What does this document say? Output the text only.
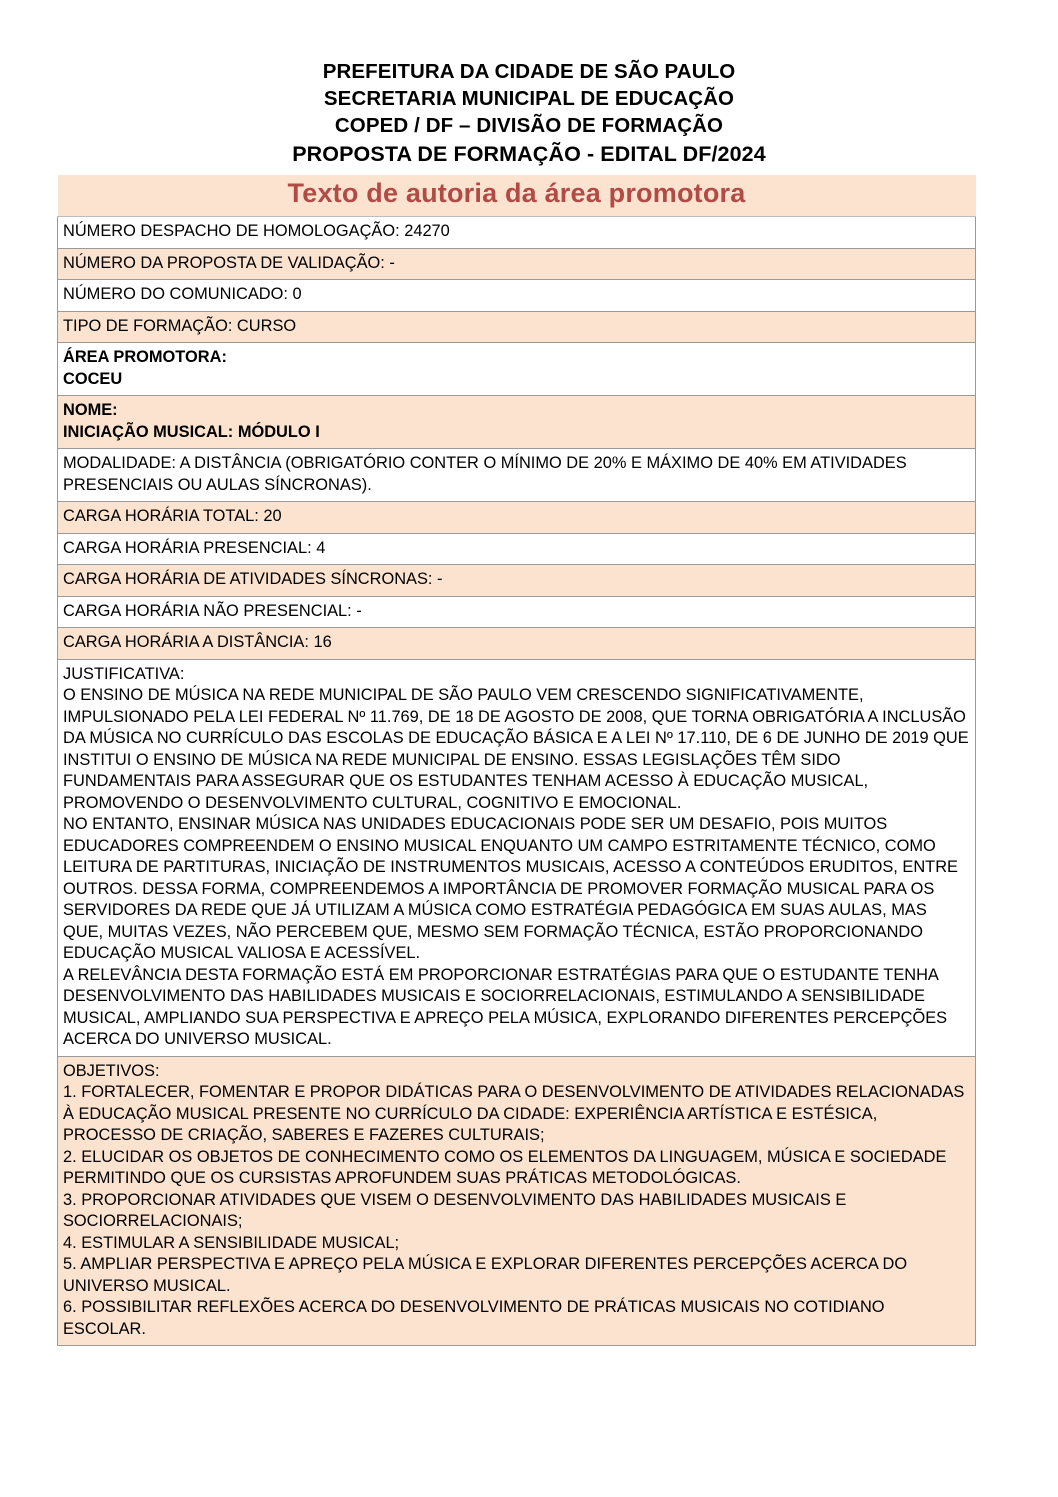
PREFEITURA DA CIDADE DE SÃO PAULO
SECRETARIA MUNICIPAL DE EDUCAÇÃO
COPED / DF – DIVISÃO DE FORMAÇÃO
PROPOSTA DE FORMAÇÃO - EDITAL DF/2024
Texto de autoria da área promotora
NÚMERO DESPACHO DE HOMOLOGAÇÃO: 24270
NÚMERO DA PROPOSTA DE VALIDAÇÃO: -
NÚMERO DO COMUNICADO: 0
TIPO DE FORMAÇÃO: CURSO

ÁREA PROMOTORA:
COCEU

NOME:
INICIAÇÃO MUSICAL: MÓDULO I

MODALIDADE: A DISTÂNCIA (OBRIGATÓRIO CONTER O MÍNIMO DE 20% E MÁXIMO DE 40% EM ATIVIDADES PRESENCIAIS OU AULAS SÍNCRONAS).
CARGA HORÁRIA TOTAL: 20
CARGA HORÁRIA PRESENCIAL: 4
CARGA HORÁRIA DE ATIVIDADES SÍNCRONAS: -
CARGA HORÁRIA NÃO PRESENCIAL: -
CARGA HORÁRIA A DISTÂNCIA: 16

JUSTIFICATIVA:

O ENSINO DE MÚSICA NA REDE MUNICIPAL DE SÃO PAULO VEM CRESCENDO SIGNIFICATIVAMENTE, IMPULSIONADO PELA LEI FEDERAL Nº 11.769, DE 18 DE AGOSTO DE 2008, QUE TORNA OBRIGATÓRIA A INCLUSÃO DA MÚSICA NO CURRÍCULO DAS ESCOLAS DE EDUCAÇÃO BÁSICA E A LEI Nº 17.110, DE 6 DE JUNHO DE 2019 QUE INSTITUI O ENSINO DE MÚSICA NA REDE MUNICIPAL DE ENSINO. ESSAS LEGISLAÇÕES TÊM SIDO FUNDAMENTAIS PARA ASSEGURAR QUE OS ESTUDANTES TENHAM ACESSO À EDUCAÇÃO MUSICAL, PROMOVENDO O DESENVOLVIMENTO CULTURAL, COGNITIVO E EMOCIONAL.

NO ENTANTO, ENSINAR MÚSICA NAS UNIDADES EDUCACIONAIS PODE SER UM DESAFIO, POIS MUITOS EDUCADORES COMPREENDEM O ENSINO MUSICAL ENQUANTO UM CAMPO ESTRITAMENTE TÉCNICO, COMO LEITURA DE PARTITURAS, INICIAÇÃO DE INSTRUMENTOS MUSICAIS, ACESSO A CONTEÚDOS ERUDITOS, ENTRE OUTROS. DESSA FORMA, COMPREENDEMOS A IMPORTÂNCIA DE PROMOVER FORMAÇÃO MUSICAL PARA OS SERVIDORES DA REDE QUE JÁ UTILIZAM A MÚSICA COMO ESTRATÉGIA PEDAGÓGICA EM SUAS AULAS, MAS QUE, MUITAS VEZES, NÃO PERCEBEM QUE, MESMO SEM FORMAÇÃO TÉCNICA, ESTÃO PROPORCIONANDO EDUCAÇÃO MUSICAL VALIOSA E ACESSÍVEL.

A RELEVÂNCIA DESTA FORMAÇÃO ESTÁ EM PROPORCIONAR ESTRATÉGIAS PARA QUE O ESTUDANTE TENHA DESENVOLVIMENTO DAS HABILIDADES MUSICAIS E SOCIORRELACIONAIS, ESTIMULANDO A SENSIBILIDADE MUSICAL, AMPLIANDO SUA PERSPECTIVA E APREÇO PELA MÚSICA, EXPLORANDO DIFERENTES PERCEPÇÕES ACERCA DO UNIVERSO MUSICAL.

OBJETIVOS:

1. FORTALECER, FOMENTAR E PROPOR DIDÁTICAS PARA O DESENVOLVIMENTO DE ATIVIDADES RELACIONADAS À EDUCAÇÃO MUSICAL PRESENTE NO CURRÍCULO DA CIDADE: EXPERIÊNCIA ARTÍSTICA E ESTÉSICA, PROCESSO DE CRIAÇÃO, SABERES E FAZERES CULTURAIS;

2. ELUCIDAR OS OBJETOS DE CONHECIMENTO COMO OS ELEMENTOS DA LINGUAGEM, MÚSICA E SOCIEDADE PERMITINDO QUE OS CURSISTAS APROFUNDEM SUAS PRÁTICAS METODOLÓGICAS.

3. PROPORCIONAR ATIVIDADES QUE VISEM O DESENVOLVIMENTO DAS HABILIDADES MUSICAIS E SOCIORRELACIONAIS;

4. ESTIMULAR A SENSIBILIDADE MUSICAL;

5. AMPLIAR PERSPECTIVA E APREÇO PELA MÚSICA E EXPLORAR DIFERENTES PERCEPÇÕES ACERCA DO UNIVERSO MUSICAL.

6. POSSIBILITAR REFLEXÕES ACERCA DO DESENVOLVIMENTO DE PRÁTICAS MUSICAIS NO COTIDIANO ESCOLAR.
